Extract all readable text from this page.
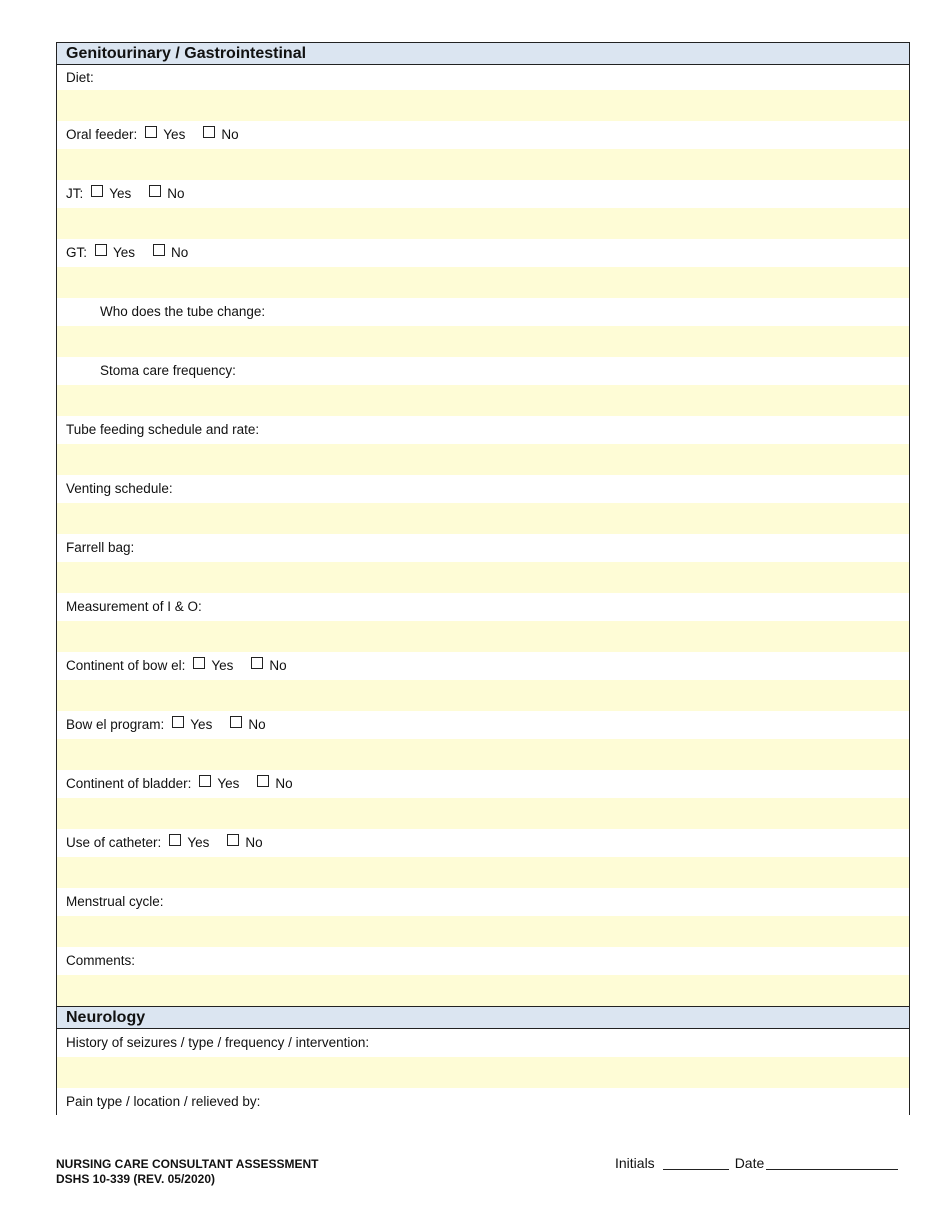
Genitourinary / Gastrointestinal
Diet:
Oral feeder: Yes	No
JT: Yes	No
GT: Yes	No
Who does the tube change:
Stoma care frequency:
Tube feeding schedule and rate:
Venting schedule:
Farrell bag:
Measurement of I & O:
Continent of bow el: Yes	No
Bow el program: Yes	No
Continent of bladder: Yes	No
Use of catheter: Yes	No
Menstrual cycle:
Comments:
Neurology
History of seizures / type / frequency / intervention:
Pain type / location / relieved by:
NURSING CARE CONSULTANT ASSESSMENT
DSHS 10-339 (REV. 05/2020)
Initials	Date
